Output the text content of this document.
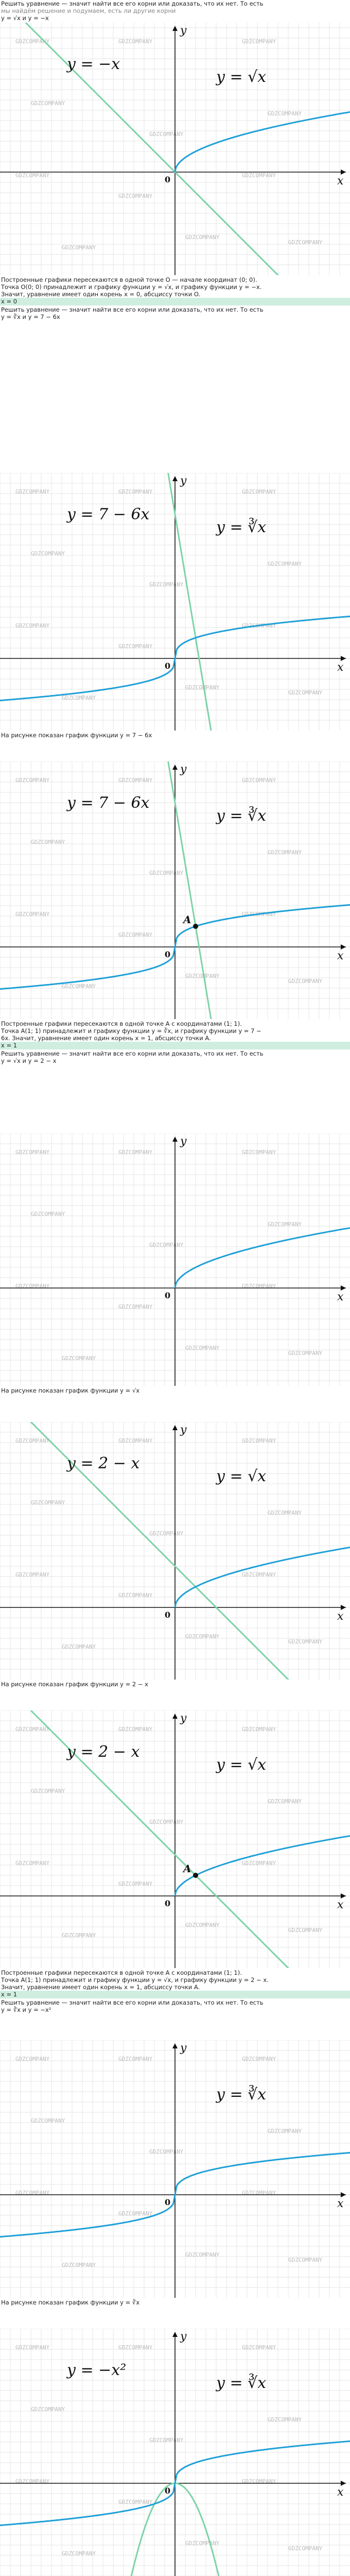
Решить уравнение — значит найти все его корни или доказать, что их нет. То есть
мы найдём решение и подумаем, есть ли другие корни
y = √x и y = −x
GDZCOMPANY	GDZCOMPANY	GDZCOMPANY
GDZCOMPANY
GDZCOMPANY
GDZCOMPANY
GDZCOMPANY
GDZCOMPANY
GDZCOMPANY
GDZCOMPANY
GDZCOMPANY
GDZCOMPANY
x
y
0
y = −x
y = √x
Построенные графики пересекаются в одной точке O — начале координат (0; 0).
Точка O(0; 0) принадлежит и графику функции y = √x, и графику функции y = −x.
Значит, уравнение имеет один корень x = 0, абсциссу точки O.
x = 0
Решить уравнение — значит найти все его корни или доказать, что их нет. То есть
y = ∛x и y = 7 − 6x
GDZCOMPANY	GDZCOMPANY	GDZCOMPANY
GDZCOMPANY
GDZCOMPANY
GDZCOMPANY
GDZCOMPANY
GDZCOMPANY
GDZCOMPANY
GDZCOMPANY
GDZCOMPANY
GDZCOMPANY
x
y
0
y = 7 − 6x
y = ∛x
На рисунке показан график функции y = 7 − 6x
GDZCOMPANY	GDZCOMPANY	GDZCOMPANY
GDZCOMPANY
GDZCOMPANY
GDZCOMPANY
GDZCOMPANY
GDZCOMPANY
GDZCOMPANY
GDZCOMPANY
GDZCOMPANY
GDZCOMPANY
x
y
0
y = 7 − 6x
y = ∛x
A
Построенные графики пересекаются в одной точке A с координатами (1; 1).
Точка A(1; 1) принадлежит и графику функции y = ∛x, и графику функции y = 7 −
6x. Значит, уравнение имеет один корень x = 1, абсциссу точки A.
x = 1
Решить уравнение — значит найти все его корни или доказать, что их нет. То есть
y = √x и y = 2 − x
GDZCOMPANY	GDZCOMPANY	GDZCOMPANY
GDZCOMPANY
GDZCOMPANY
GDZCOMPANY
GDZCOMPANY
GDZCOMPANY
GDZCOMPANY
GDZCOMPANY
GDZCOMPANY
GDZCOMPANY
x
y
0
На рисунке показан график функции y = √x
GDZCOMPANY	GDZCOMPANY	GDZCOMPANY
GDZCOMPANY
GDZCOMPANY
GDZCOMPANY
GDZCOMPANY
GDZCOMPANY
GDZCOMPANY
GDZCOMPANY
GDZCOMPANY
GDZCOMPANY
x
y
0
y = 2 − x
y = √x
На рисунке показан график функции y = 2 − x
GDZCOMPANY	GDZCOMPANY	GDZCOMPANY
GDZCOMPANY
GDZCOMPANY
GDZCOMPANY
GDZCOMPANY
GDZCOMPANY
GDZCOMPANY
GDZCOMPANY
GDZCOMPANY
GDZCOMPANY
x
y
0
y = 2 − x
y = √x
A
Построенные графики пересекаются в одной точке A с координатами (1; 1).
Точка A(1; 1) принадлежит и графику функции y = √x, и графику функции y = 2 − x.
Значит, уравнение имеет один корень x = 1, абсциссу точки A.
x = 1
Решить уравнение — значит найти все его корни или доказать, что их нет. То есть
y = ∛x и y = −x²
GDZCOMPANY	GDZCOMPANY	GDZCOMPANY
GDZCOMPANY
GDZCOMPANY
GDZCOMPANY
GDZCOMPANY
GDZCOMPANY
GDZCOMPANY
GDZCOMPANY
GDZCOMPANY
GDZCOMPANY
x
y
0
y = ∛x
На рисунке показан график функции y = ∛x
GDZCOMPANY	GDZCOMPANY	GDZCOMPANY
GDZCOMPANY
GDZCOMPANY
GDZCOMPANY
GDZCOMPANY
GDZCOMPANY
GDZCOMPANY
GDZCOMPANY
GDZCOMPANY
GDZCOMPANY
x
y
0
y = −x²
y = ∛x
